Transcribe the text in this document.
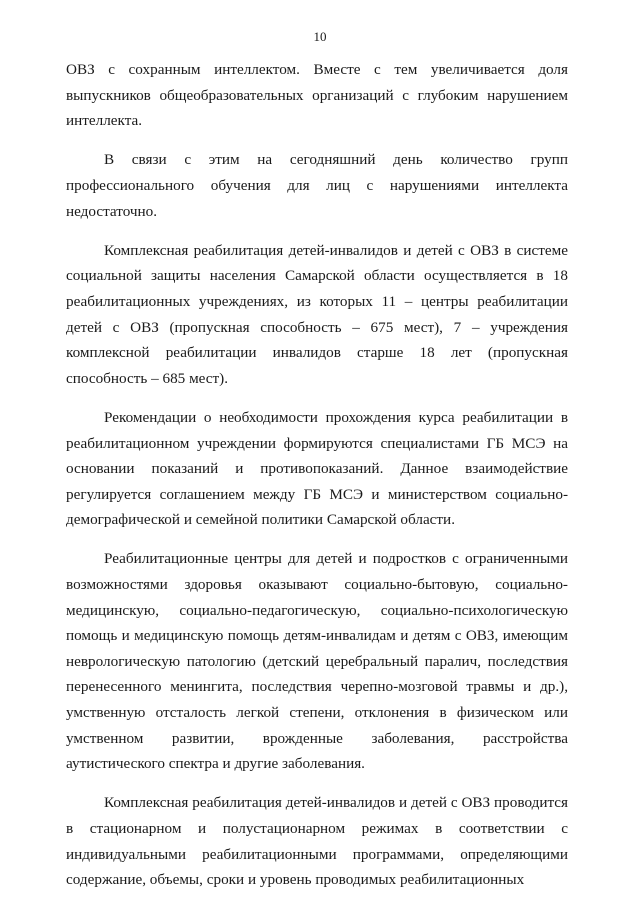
10

ОВЗ с сохранным интеллектом. Вместе с тем увеличивается доля выпускников общеобразовательных организаций с глубоким нарушением интеллекта.

В связи с этим на сегодняшний день количество групп профессионального обучения для лиц с нарушениями интеллекта недостаточно.

Комплексная реабилитация детей-инвалидов и детей с ОВЗ в системе социальной защиты населения Самарской области осуществляется в 18 реабилитационных учреждениях, из которых 11 – центры реабилитации детей с ОВЗ (пропускная способность – 675 мест), 7 – учреждения комплексной реабилитации инвалидов старше 18 лет (пропускная способность – 685 мест).

Рекомендации о необходимости прохождения курса реабилитации в реабилитационном учреждении формируются специалистами ГБ МСЭ на основании показаний и противопоказаний. Данное взаимодействие регулируется соглашением между ГБ МСЭ и министерством социально-демографической и семейной политики Самарской области.

Реабилитационные центры для детей и подростков с ограниченными возможностями здоровья оказывают социально-бытовую, социально-медицинскую, социально-педагогическую, социально-психологическую помощь и медицинскую помощь детям-инвалидам и детям с ОВЗ, имеющим неврологическую патологию (детский церебральный паралич, последствия перенесенного менингита, последствия черепно-мозговой травмы и др.), умственную отсталость легкой степени, отклонения в физическом или умственном развитии, врожденные заболевания, расстройства аутистического спектра и другие заболевания.

Комплексная реабилитация детей-инвалидов и детей с ОВЗ проводится в стационарном и полустационарном режимах в соответствии с индивидуальными реабилитационными программами, определяющими содержание, объемы, сроки и уровень проводимых реабилитационных
